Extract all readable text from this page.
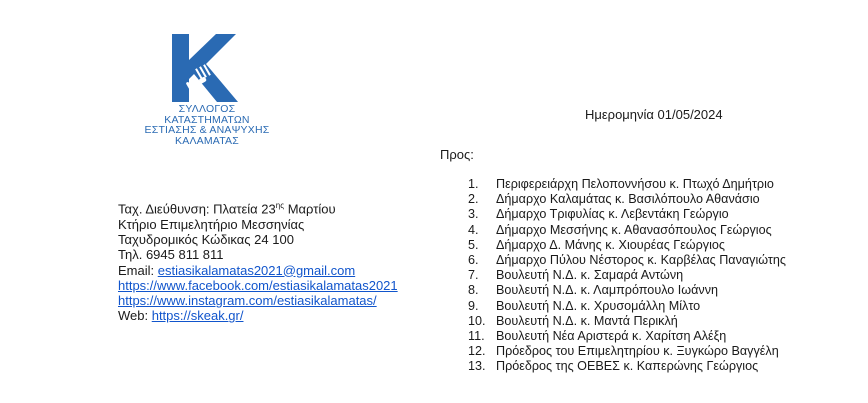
ΣΥΛΛΟΓΟΣ
ΚΑΤΑΣΤΗΜΑΤΩΝ
ΕΣΤΙΑΣΗΣ & ΑΝΑΨΥΧΗΣ
ΚΑΛΑΜΑΤΑΣ
Ημερομηνία 01/05/2024
Προς:
Ταχ. Διεύθυνση: Πλατεία $23^{\eta\varsigma}$ Μαρτίου
Κτήριο Επιμελητήριο Μεσσηνίας
Ταχυδρομικός Κώδικας 24 100
Τηλ. 6945 811 811
Email: estiasikalamatas2021@gmail.com
https://www.facebook.com/estiasikalamatas2021
https://www.instagram.com/estiasikalamatas/
Web: https://skeak.gr/
1.	Περιφερειάρχη Πελοποννήσου κ. Πτωχό Δημήτριο
2.	Δήμαρχο Καλαμάτας κ. Βασιλόπουλο Αθανάσιο
3.	Δήμαρχο Τριφυλίας κ. Λεβεντάκη Γεώργιο
4.	Δήμαρχο Μεσσήνης κ. Αθανασόπουλος Γεώργιος
5.	Δήμαρχο Δ. Μάνης κ. Χιουρέας Γεώργιος
6.	Δήμαρχο Πύλου Νέστορος κ. Καρβέλας Παναγιώτης
7.	Βουλευτή Ν.Δ. κ. Σαμαρά Αντώνη
8.	Βουλευτή Ν.Δ. κ. Λαμπρόπουλο Ιωάννη
9.	Βουλευτή Ν.Δ. κ. Χρυσομάλλη Μίλτο
10. Βουλευτή Ν.Δ. κ. Μαντά Περικλή
11. Βουλευτή Νέα Αριστερά κ. Χαρίτση Αλέξη
12. Πρόεδρος του Επιμελητηρίου κ. Ξυγκώρο Βαγγέλη
13. Πρόεδρος της ΟΕΒΕΣ κ. Καπερώνης Γεώργιος
